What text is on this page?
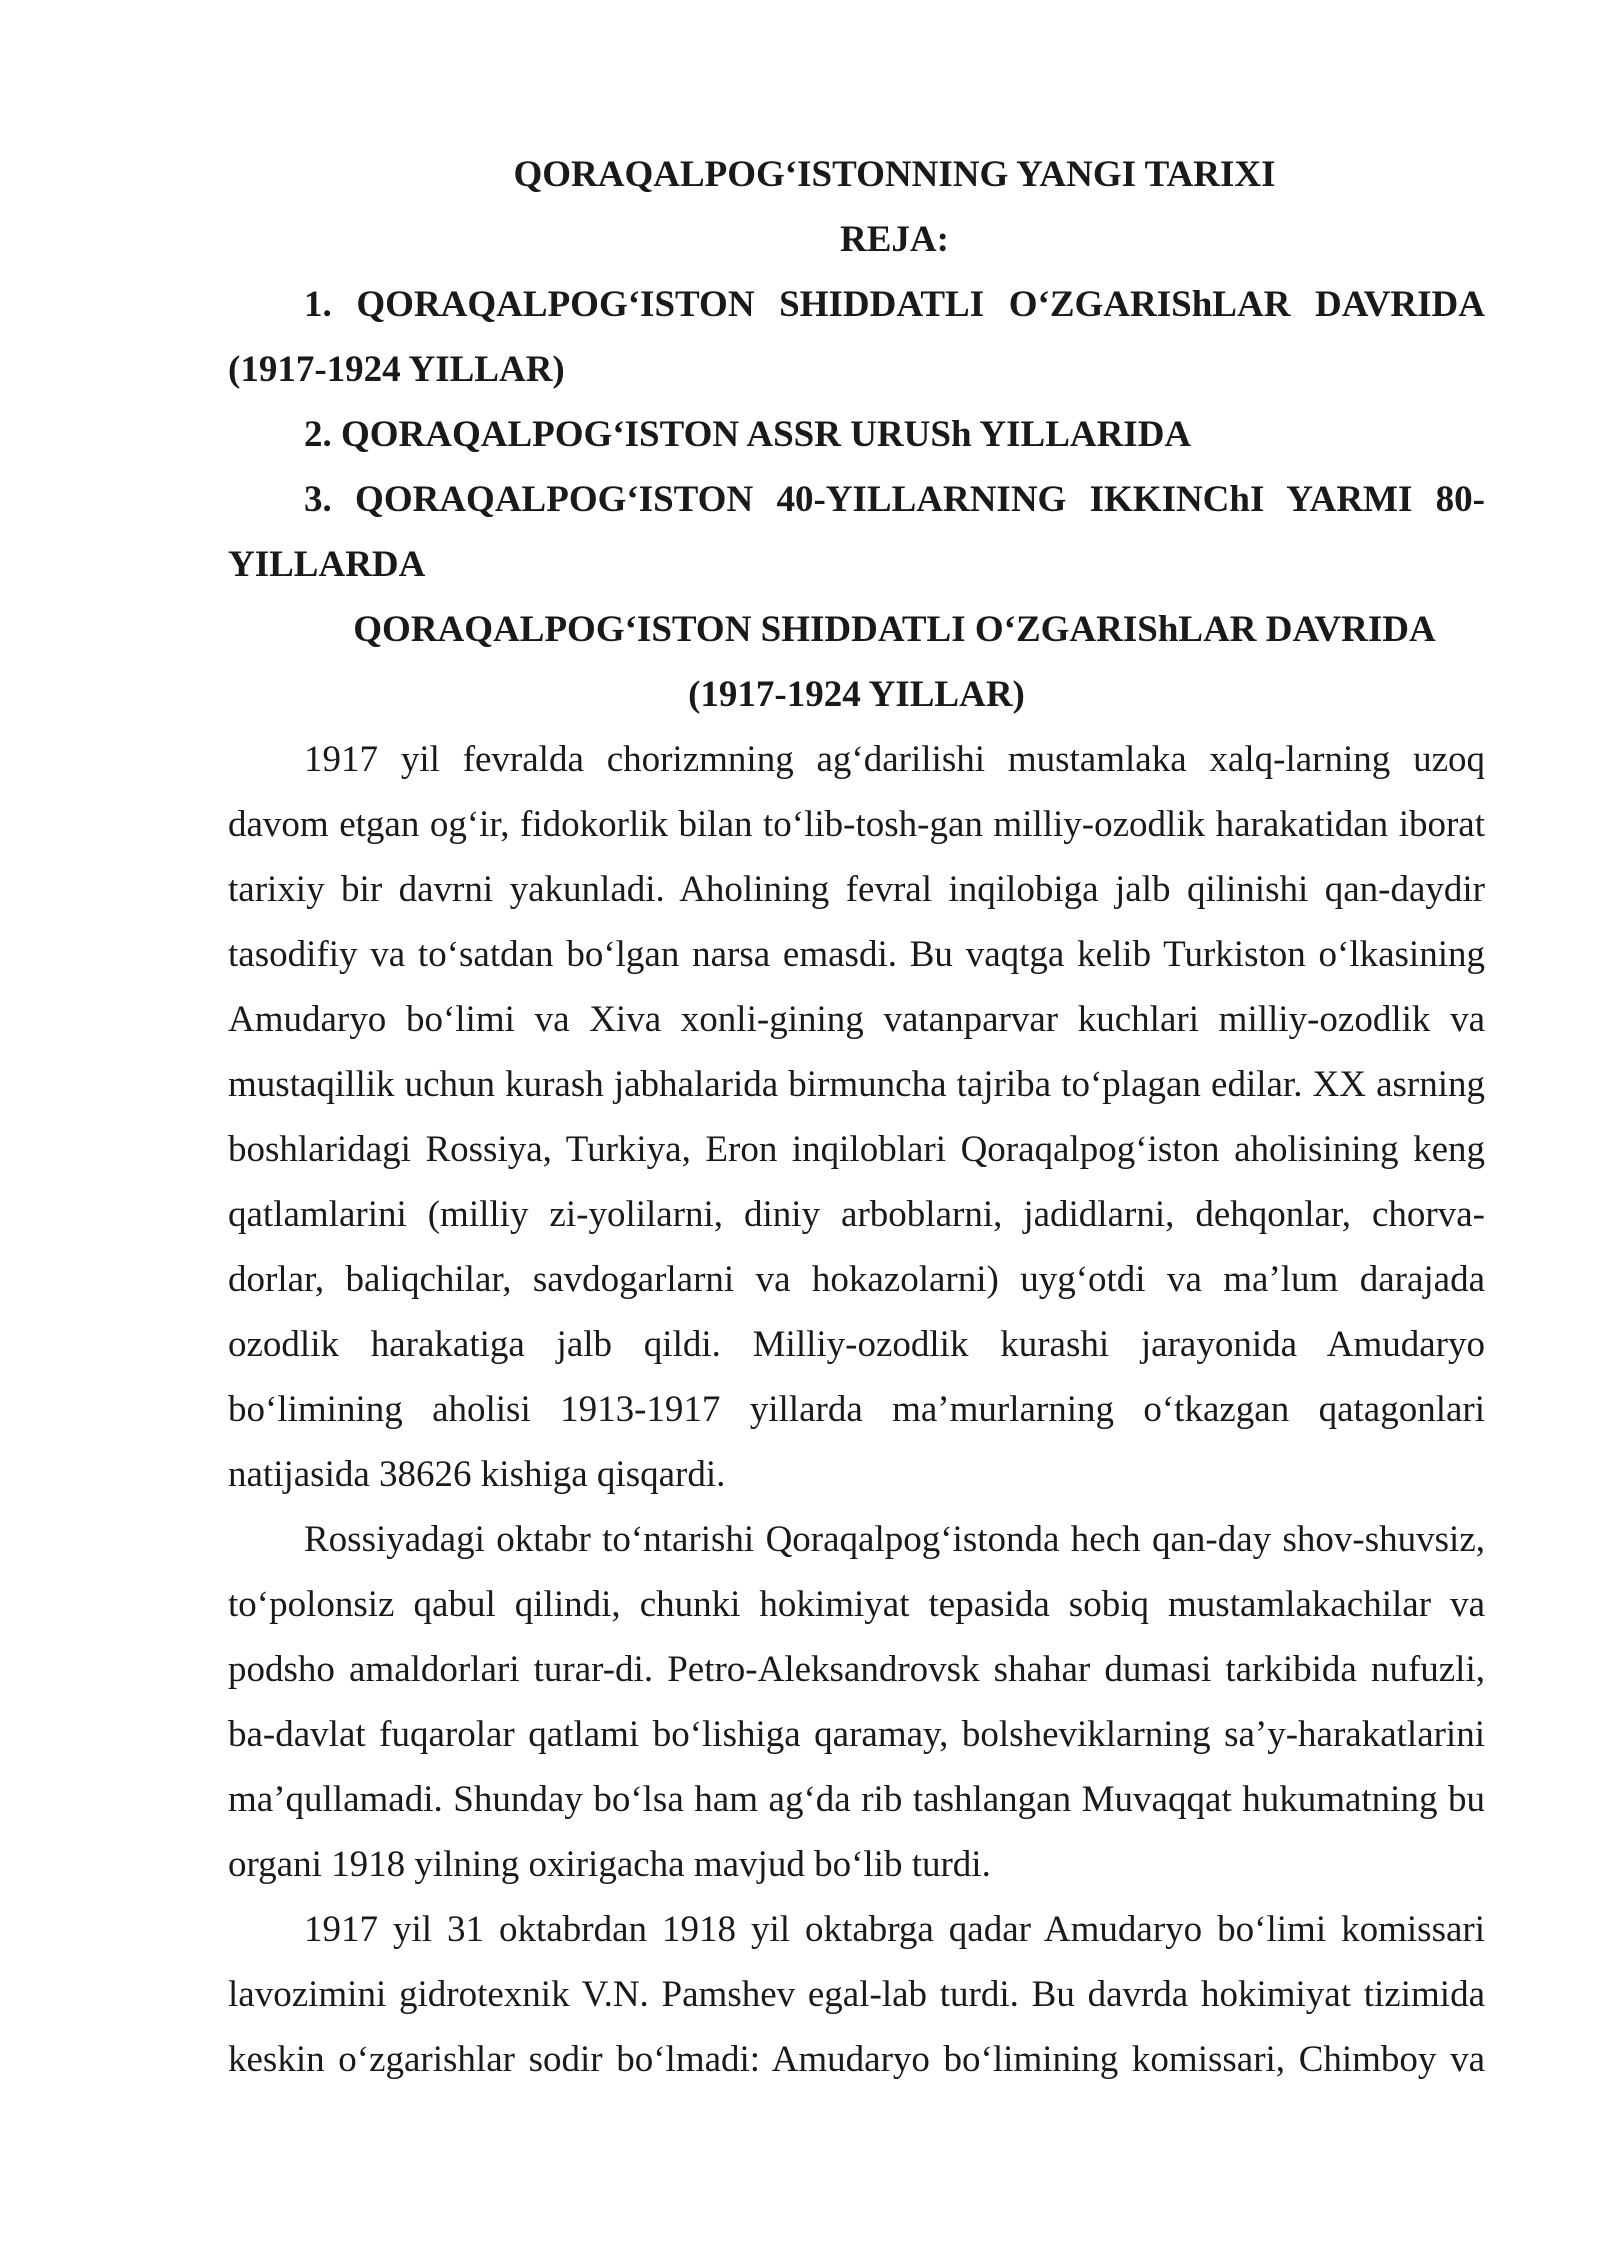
QORAQALPOG‘ISTONNING YANGI TARIXI
REJA:
1. QORAQALPOG‘ISTON SHIDDATLI O‘ZGARIShLAR DAVRIDA
(1917-1924 YILLAR)
2. QORAQALPOG‘ISTON ASSR URUSh YILLARIDA
3. QORAQALPOG‘ISTON 40-YILLARNING IKKINChI YARMI 80-
YILLARDA
QORAQALPOG‘ISTON SHIDDATLI O‘ZGARIShLAR DAVRIDA
(1917-1924 YILLAR)
1917 yil fevralda chorizmning ag‘darilishi mustamlaka xalq-larning uzoq
davom etgan og‘ir, fidokorlik bilan to‘lib-tosh-gan milliy-ozodlik harakatidan iborat
tarixiy bir davrni yakunladi. Aholining fevral inqilobiga jalb qilinishi qan-daydir
tasodifiy va to‘satdan bo‘lgan narsa emasdi. Bu vaqtga kelib Turkiston o‘lkasining
Amudaryo bo‘limi va Xiva xonli-gining vatanparvar kuchlari milliy-ozodlik va
mustaqillik uchun kurash jabhalarida birmuncha tajriba to‘plagan edilar. XX asrning
boshlaridagi Rossiya, Turkiya, Eron inqiloblari Qoraqalpog‘iston aholisining keng
qatlamlarini (milliy zi-yolilarni, diniy arboblarni, jadidlarni, dehqonlar, chorva-
dorlar, baliqchilar, savdogarlarni va hokazolarni) uyg‘otdi va ma’lum darajada
ozodlik harakatiga jalb qildi. Milliy-ozodlik kurashi jarayonida Amudaryo
bo‘limining aholisi 1913-1917 yillarda ma’murlarning o‘tkazgan qatagonlari
natijasida 38626 kishiga qisqardi.
Rossiyadagi oktabr to‘ntarishi Qoraqalpog‘istonda hech qan-day shov-shuvsiz,
to‘polonsiz qabul qilindi, chunki hokimiyat tepasida sobiq mustamlakachilar va
podsho amaldorlari turar-di. Petro-Aleksandrovsk shahar dumasi tarkibida nufuzli,
ba-davlat fuqarolar qatlami bo‘lishiga qaramay, bolsheviklarning sa’y-harakatlarini
ma’qullamadi. Shunday bo‘lsa ham ag‘da rib tashlangan Muvaqqat hukumatning bu
organi 1918 yilning oxirigacha mavjud bo‘lib turdi.
1917 yil 31 oktabrdan 1918 yil oktabrga qadar Amudaryo bo‘limi komissari
lavozimini gidrotexnik V.N. Pamshev egal-lab turdi. Bu davrda hokimiyat tizimida
keskin o‘zgarishlar sodir bo‘lmadi: Amudaryo bo‘limining komissari, Chimboy va
